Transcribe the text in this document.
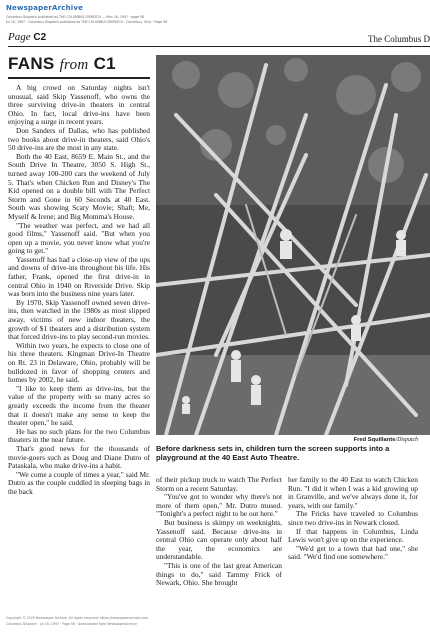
NewspaperArchive
Columbus Dispatch published as THE COLUMBUS DISPATCH — Mon 16, 1997 · page 58
Jul 16, 1997 · Columbus Dispatch published as THE COLUMBUS DISPATCH · Columbus, Ohio · Page 58
Page C2	The Columbus D
FANS from C1

A big crowd on Saturday nights isn't unusual, said Skip Yassenoff, who owns the three surviving drive-in theaters in central Ohio. In fact, local drive-ins have been enjoying a surge in recent years.

Don Sanders of Dallas, who has published two books about drive-in theaters, said Ohio's 50 drive-ins are the most in any state.

Both the 40 East, 8659 E. Main St., and the South Drive In Theatre, 3050 S. High St., turned away 100-200 cars the weekend of July 5. That's when Chicken Run and Disney's The Kid opened on a double bill with The Perfect Storm and Gone in 60 Seconds at 40 East. South was showing Scary Movie; Shaft; Me, Myself & Irene; and Big Momma's House.

"The weather was perfect, and we had all good films," Yassenoff said. "But when you open up a movie, you never know what you're going to get."

Yassenoff has had a close-up view of the ups and downs of drive-ins throughout his life. His father, Frank, opened the first drive-in in central Ohio in 1940 on Riverside Drive. Skip was born into the business nine years later.

By 1970, Skip Yassenoff owned seven drive-ins, then watched in the 1980s as most slipped away, victims of new indoor theaters, the growth of $1 theaters and a distribution system that forced drive-ins to play second-run movies.

Within two years, he expects to close one of his three theaters. Kingman Drive-In Theatre on Rt. 23 in Delaware, Ohio, probably will be bulldozed in favor of shopping centers and homes by 2002, he said.

"I like to keep them as drive-ins, but the value of the property with so many acres so greatly exceeds the income from the theater that it doesn't make any sense to keep the theater open," he said.

He has no such plans for the two Columbus theaters in the near future.

That's good news for the thousands of movie-goers such as Doug and Diane Dutro of Pataskala, who make drive-ins a habit.

"We come a couple of times a year," said Mr. Dutro as the couple cuddled in sleeping bags in the back

Fred Squillante/Dispatch
Before darkness sets in, children turn the screen supports into a playground at the 40 East Auto Theatre.

of their pickup truck to watch The Perfect Storm on a recent Saturday.

"You've got to wonder why there's not more of them open," Mr. Dutro mused. "Tonight's a perfect night to be out here."

But business is skimpy on weeknights, Yassenoff said. Because drive-ins in central Ohio can operate only about half the year, the economics are understandable.

"This is one of the last great American things to do," said Tammy Frick of Newark, Ohio. She brought

her family to the 40 East to watch Chicken Run. "I did it when I was a kid growing up in Granville, and we've always done it, for years, with our family."

The Fricks have traveled to Columbus since two drive-ins in Newark closed.

If that happens in Columbus, Linda Lewis won't give up on the experience.

"We'd get to a town that had one," she said. "We'd find one somewhere."

Copyright © 2020 Newspaper Archive. All rights reserved. https://newspaperarchive.com
Columbus Dispatch · Jul 16, 1997 · Page 58 · Downloaded from NewspaperArchive
